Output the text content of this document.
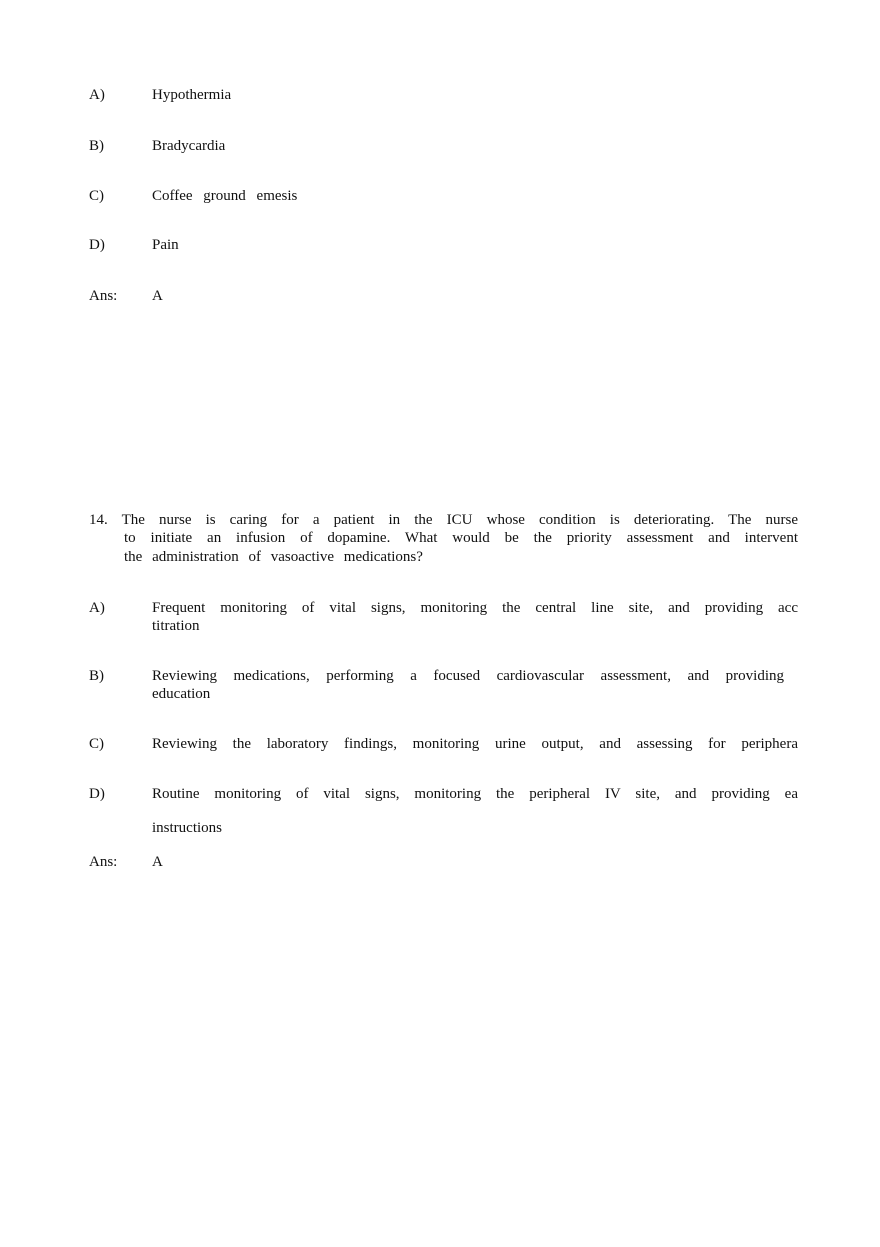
A)	Hypothermia
B)	Bradycardia
C)	Coffee ground emesis
D)	Pain
Ans: A
14. The nurse is caring for a patient in the ICU whose condition is deteriorating. The nurse
to initiate an infusion of dopamine. What would be the priority assessment and intervent
the administration of vasoactive medications?
A)	Frequent monitoring of vital signs, monitoring the central line site, and providing acc
titration
B)	Reviewing medications, performing a focused cardiovascular assessment, and providing
education
C)	Reviewing the laboratory findings, monitoring urine output, and assessing for periphera
D)	Routine monitoring of vital signs, monitoring the peripheral IV site, and providing ea
instructions
Ans: A
